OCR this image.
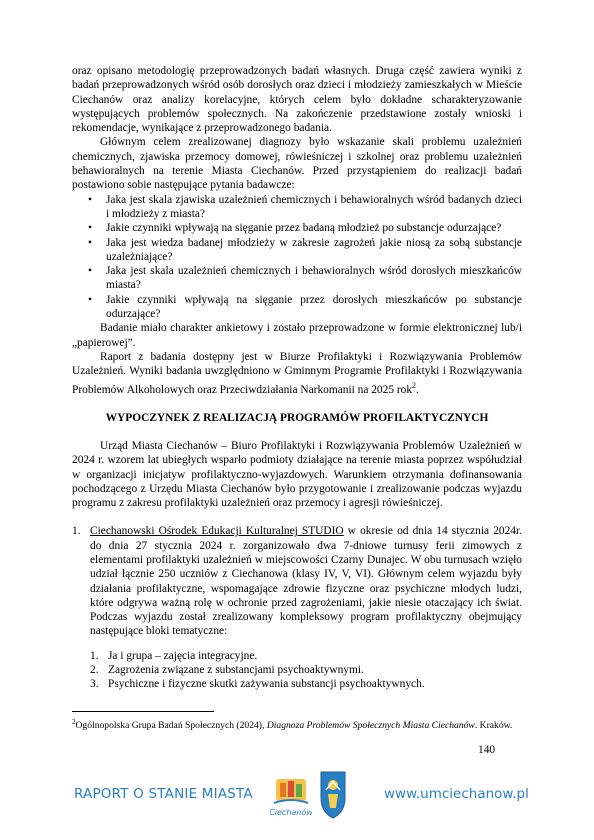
oraz opisano metodologię przeprowadzonych badań własnych. Druga część zawiera wyniki z badań przeprowadzonych wśród osób dorosłych oraz dzieci i młodzieży zamieszkałych w Mieście Ciechanów oraz analizy korelacyjne, których celem było dokładne scharakteryzowanie występujących problemów społecznych. Na zakończenie przedstawione zostały wnioski i rekomendacje, wynikające z przeprowadzonego badania.

Głównym celem zrealizowanej diagnozy było wskazanie skali problemu uzależnień chemicznych, zjawiska przemocy domowej, rówieśniczej i szkolnej oraz problemu uzależnień behawioralnych na terenie Miasta Ciechanów. Przed przystąpieniem do realizacji badań postawiono sobie następujące pytania badawcze:

• Jaka jest skala zjawiska uzależnień chemicznych i behawioralnych wśród badanych dzieci i młodzieży z miasta?
• Jakie czynniki wpływają na sięganie przez badaną młodzież po substancje odurzające?
• Jaka jest wiedza badanej młodzieży w zakresie zagrożeń jakie niosą za sobą substancje uzależniające?
• Jaka jest skala uzależnień chemicznych i behawioralnych wśród dorosłych mieszkańców miasta?
• Jakie czynniki wpływają na sięganie przez dorosłych mieszkańców po substancje odurzające?

Badanie miało charakter ankietowy i zostało przeprowadzone w formie elektronicznej lub/i „papierowej”.

Raport z badania dostępny jest w Biurze Profilaktyki i Rozwiązywania Problemów Uzależnień. Wyniki badania uwzględniono w Gminnym Programie Profilaktyki i Rozwiązywania Problemów Alkoholowych oraz Przeciwdziałania Narkomanii na 2025 rok$^2$.

WYPOCZYNEK Z REALIZACJĄ PROGRAMÓW PROFILAKTYCZNYCH

Urząd Miasta Ciechanów – Biuro Profilaktyki i Rozwiązywania Problemów Uzależnień w 2024 r. wzorem lat ubiegłych wsparło podmioty działające na terenie miasta poprzez współudział w organizacji inicjatyw profilaktyczno-wyjazdowych. Warunkiem otrzymania dofinansowania pochodzącego z Urzędu Miasta Ciechanów było przygotowanie i zrealizowanie podczas wyjazdu programu z zakresu profilaktyki uzależnień oraz przemocy i agresji rówieśniczej.

1. Ciechanowski Ośrodek Edukacji Kulturalnej STUDIO w okresie od dnia 14 stycznia 2024r. do dnia 27 stycznia 2024 r. zorganizowało dwa 7-dniowe turnusy ferii zimowych z elementami profilaktyki uzależnień w miejscowości Czarny Dunajec. W obu turnusach wzięło udział łącznie 250 uczniów z Ciechanowa (klasy IV, V, VI). Głównym celem wyjazdu były działania profilaktyczne, wspomagające zdrowie fizyczne oraz psychiczne młodych ludzi, które odgrywa ważną rolę w ochronie przed zagrożeniami, jakie niesie otaczający ich świat. Podczas wyjazdu został zrealizowany kompleksowy program profilaktyczny obejmujący następujące bloki tematyczne:
1. Ja i grupa – zajęcia integracyjne.
2. Zagrożenia związane z substancjami psychoaktywnymi.
3. Psychiczne i fizyczne skutki zażywania substancji psychoaktywnych.
$^2$Ogólnopolska Grupa Badań Społecznych (2024), Diagnoza Problemów Społecznych Miasta Ciechanów. Kraków.
140
RAPORT O STANIE MIASTA
Ciechanów
www.umciechanow.pl
